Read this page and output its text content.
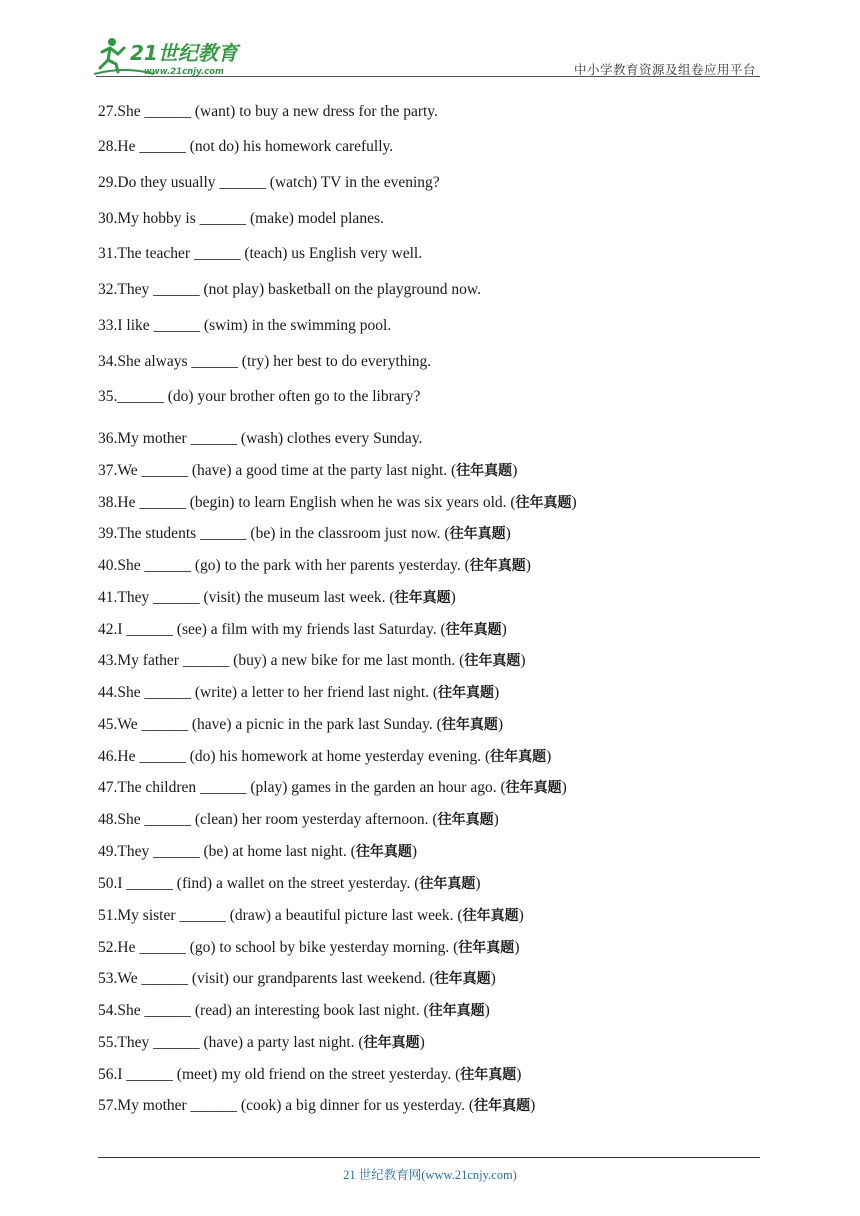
21世纪教育
www.21cnjy.com	中小学教育资源及组卷应用平台
27.She ______ (want) to buy a new dress for the party.
28.He ______ (not do) his homework carefully.
29.Do they usually ______ (watch) TV in the evening?
30.My hobby is ______ (make) model planes.
31.The teacher ______ (teach) us English very well.
32.They ______ (not play) basketball on the playground now.
33.I like ______ (swim) in the swimming pool.
34.She always ______ (try) her best to do everything.
35.______ (do) your brother often go to the library?
36.My mother ______ (wash) clothes every Sunday.
37.We ______ (have) a good time at the party last night. (往年真题)
38.He ______ (begin) to learn English when he was six years old. (往年真题)
39.The students ______ (be) in the classroom just now. (往年真题)
40.She ______ (go) to the park with her parents yesterday. (往年真题)
41.They ______ (visit) the museum last week. (往年真题)
42.I ______ (see) a film with my friends last Saturday. (往年真题)
43.My father ______ (buy) a new bike for me last month. (往年真题)
44.She ______ (write) a letter to her friend last night. (往年真题)
45.We ______ (have) a picnic in the park last Sunday. (往年真题)
46.He ______ (do) his homework at home yesterday evening. (往年真题)
47.The children ______ (play) games in the garden an hour ago. (往年真题)
48.She ______ (clean) her room yesterday afternoon. (往年真题)
49.They ______ (be) at home last night. (往年真题)
50.I ______ (find) a wallet on the street yesterday. (往年真题)
51.My sister ______ (draw) a beautiful picture last week. (往年真题)
52.He ______ (go) to school by bike yesterday morning. (往年真题)
53.We ______ (visit) our grandparents last weekend. (往年真题)
54.She ______ (read) an interesting book last night. (往年真题)
55.They ______ (have) a party last night. (往年真题)
56.I ______ (meet) my old friend on the street yesterday. (往年真题)
57.My mother ______ (cook) a big dinner for us yesterday. (往年真题)
21 世纪教育网(www.21cnjy.com)
